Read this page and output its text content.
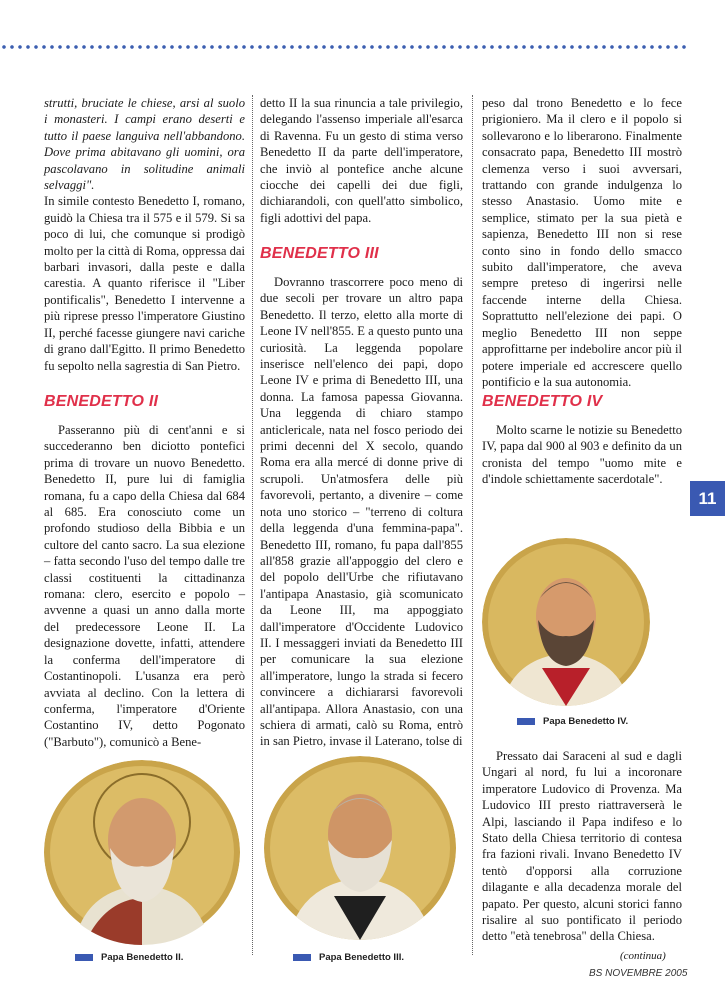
strutti, bruciate le chiese, arsi al suolo i monasteri. I campi erano deserti e tutto il paese languiva nell'abbandono. Dove prima abitavano gli uomini, ora pascolavano in solitudine animali selvaggi".

In simile contesto Benedetto I, romano, guidò la Chiesa tra il 575 e il 579. Si sa poco di lui, che comunque si prodigò molto per la città di Roma, oppressa dai barbari invasori, dalla peste e dalla carestia. A quanto riferisce il "Liber pontificalis", Benedetto I intervenne a più riprese presso l'imperatore Giustino II, perché facesse giungere navi cariche di grano dall'Egitto. Il primo Benedetto fu sepolto nella sagrestia di San Pietro.

BENEDETTO II

Passeranno più di cent'anni e si succederanno ben diciotto pontefici prima di trovare un nuovo Benedetto. Benedetto II, pure lui di famiglia romana, fu a capo della Chiesa dal 684 al 685. Era conosciuto come un profondo studioso della Bibbia e un cultore del canto sacro. La sua elezione – fatta secondo l'uso del tempo dalle tre classi costituenti la cittadinanza romana: clero, esercito e popolo – avvenne a quasi un anno dalla morte del predecessore Leone II. La designazione dovette, infatti, attendere la conferma dell'imperatore di Costantinopoli. L'usanza era però avviata al declino. Con la lettera di conferma, l'imperatore d'Oriente Costantino IV, detto Pogonato ("Barbuto"), comunicò a Bene-

detto II la sua rinuncia a tale privilegio, delegando l'assenso imperiale all'esarca di Ravenna. Fu un gesto di stima verso Benedetto II da parte dell'imperatore, che inviò al pontefice anche alcune ciocche dei capelli dei due figli, dichiarandoli, con quell'atto simbolico, figli adottivi del papa.

BENEDETTO III

Dovranno trascorrere poco meno di due secoli per trovare un altro papa Benedetto. Il terzo, eletto alla morte di Leone IV nell'855. E a questo punto una curiosità. La leggenda popolare inserisce nell'elenco dei papi, dopo Leone IV e prima di Benedetto III, una donna. La famosa papessa Giovanna. Una leggenda di chiaro stampo anticlericale, nata nel fosco periodo dei primi decenni del X secolo, quando Roma era alla mercé di donne prive di scrupoli. Un'atmosfera delle più favorevoli, pertanto, a divenire – come nota uno storico – "terreno di coltura della leggenda d'una femmina-papa". Benedetto III, romano, fu papa dall'855 all'858 grazie all'appoggio del clero e del popolo dell'Urbe che rifiutavano l'antipapa Anastasio, già scomunicato da Leone III, ma appoggiato dall'imperatore d'Occidente Ludovico II. I messaggeri inviati da Benedetto III per comunicare la sua elezione all'imperatore, lungo la strada si fecero convincere a dichiararsi favorevoli all'antipapa. Allora Anastasio, con una schiera di armati, calò su Roma, entrò in san Pietro, invase il Laterano, tolse di

peso dal trono Benedetto e lo fece prigioniero. Ma il clero e il popolo si sollevarono e lo liberarono. Finalmente consacrato papa, Benedetto III mostrò clemenza verso i suoi avversari, trattando con grande indulgenza lo stesso Anastasio. Uomo mite e semplice, stimato per la sua pietà e sapienza, Benedetto III non si rese conto sino in fondo dello smacco subito dall'imperatore, che aveva sempre preteso di ingerirsi nelle faccende interne della Chiesa. Soprattutto nell'elezione dei papi. O meglio Benedetto III non seppe approfittarne per indebolire ancor più il potere imperiale ed accrescere quello pontificio e la sua autonomia.

BENEDETTO IV

Molto scarne le notizie su Benedetto IV, papa dal 900 al 903 e definito da un cronista del tempo "uomo mite e d'indole schiettamente sacerdotale".

Pressato dai Saraceni al sud e dagli Ungari al nord, fu lui a incoronare imperatore Ludovico di Provenza. Ma Ludovico III presto riattraverserà le Alpi, lasciando il Papa indifeso e lo Stato della Chiesa territorio di contesa fra fazioni rivali. Invano Benedetto IV tentò d'opporsi alla corruzione dilagante e alla decadenza morale del papato. Per questo, alcuni storici fanno risalire al suo pontificato il periodo detto "età tenebrosa" della Chiesa.

Papa Benedetto IV.
Papa Benedetto II.	Papa Benedetto III.
11
(continua)
BS NOVEMBRE 2005
